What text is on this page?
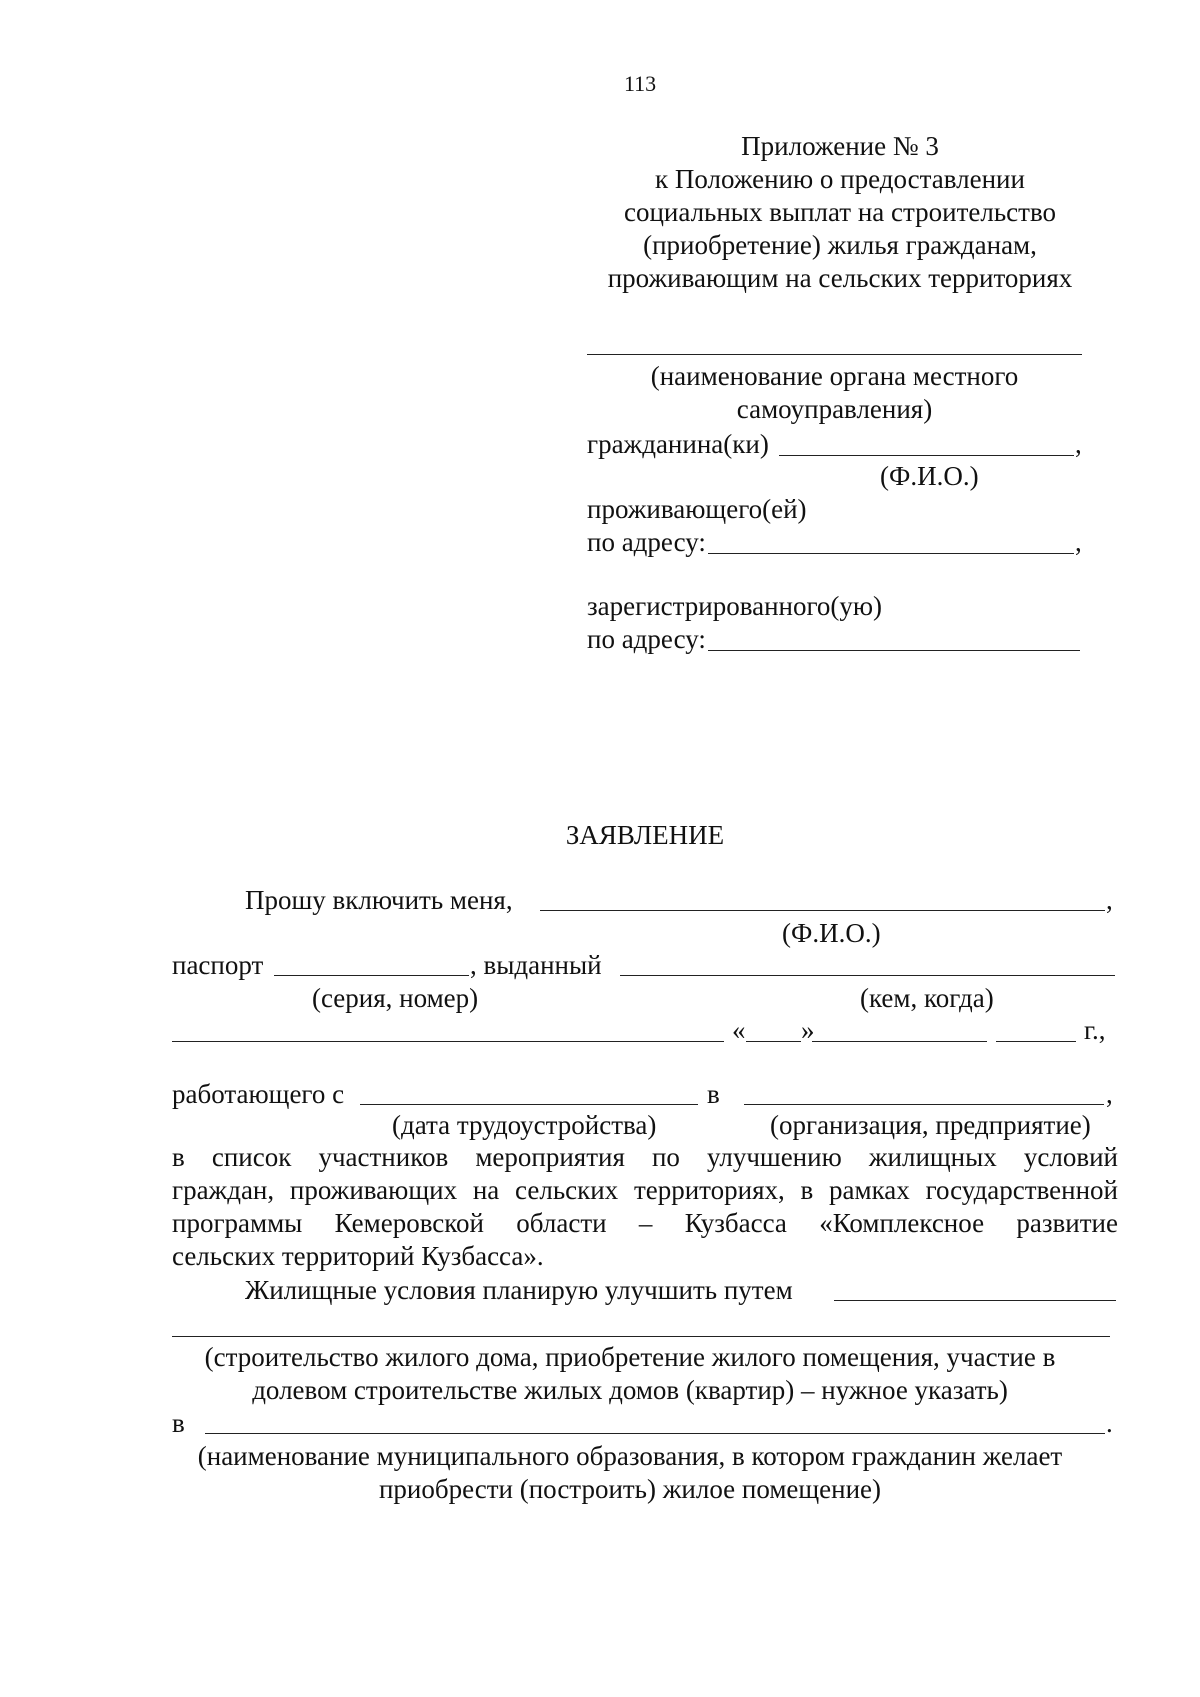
113
Приложение № 3
к Положению о предоставлении
социальных выплат на строительство
(приобретение) жилья гражданам,
проживающим на сельских территориях
(наименование органа местного
самоуправления)
гражданина(ки)	,
(Ф.И.О.)
проживающего(ей)
по адресу:	,
зарегистрированного(ую)
по адресу:
ЗАЯВЛЕНИЕ
Прошу включить меня,	,
(Ф.И.О.)
паспорт	, выданный
(серия, номер)	(кем, когда)
« »	г.,
работающего с	в	,
(дата трудоустройства)	(организация, предприятие)
в список участников мероприятия по улучшению жилищных условий
граждан, проживающих на сельских территориях, в рамках государственной
программы Кемеровской области – Кузбасса «Комплексное развитие
сельских территорий Кузбасса».
Жилищные условия планирую улучшить путем
(строительство жилого дома, приобретение жилого помещения, участие в
долевом строительстве жилых домов (квартир) – нужное указать)
в	.
(наименование муниципального образования, в котором гражданин желает
приобрести (построить) жилое помещение)
